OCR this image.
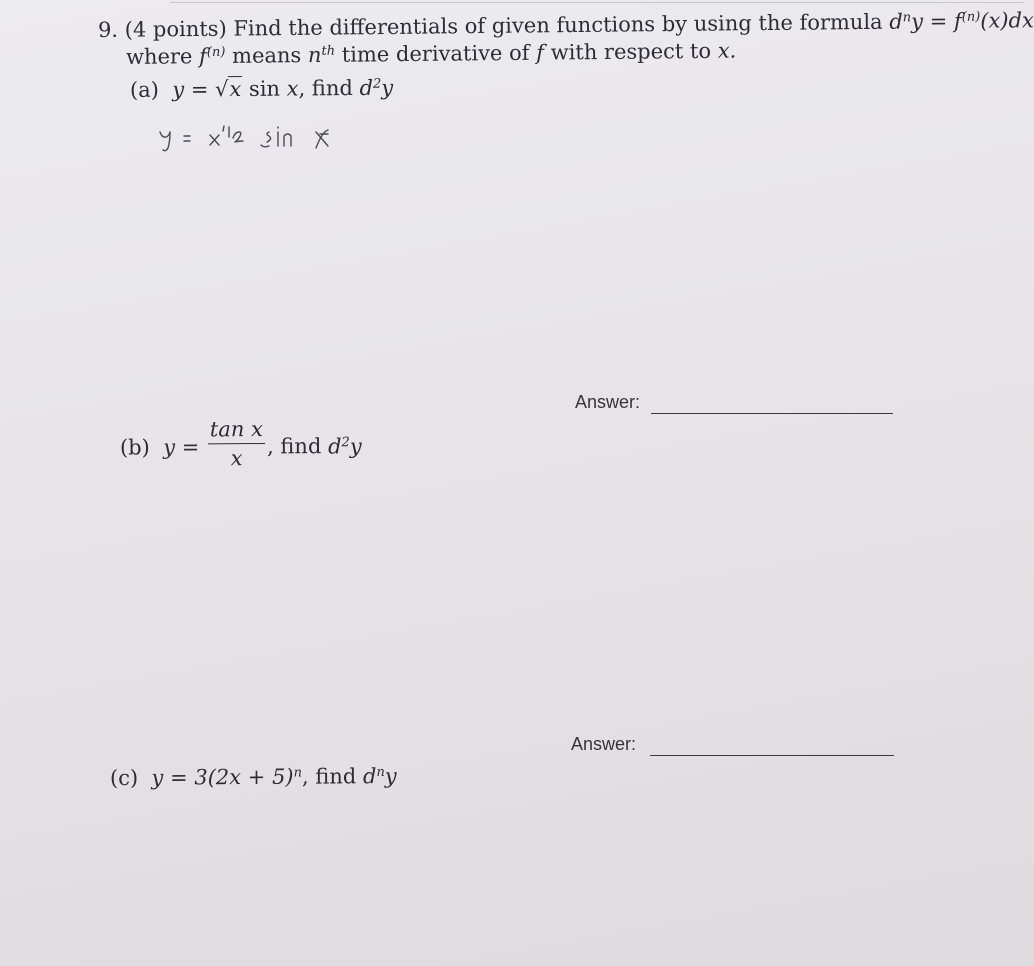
9. (4 points) Find the differentials of given functions by using the formula $d^ny = f^{(n)}(x)dx$
where $f^{(n)}$ means $n^{th}$ time derivative of f with respect to x.
(a) y = √x sin x, find $d^2y$
Answer:
(b) $y = \frac{\text{tan x}}{x}$ , find $d^2y$
Answer:
(c) $y = 3(2x + 5)^n$, find $d^ny$
